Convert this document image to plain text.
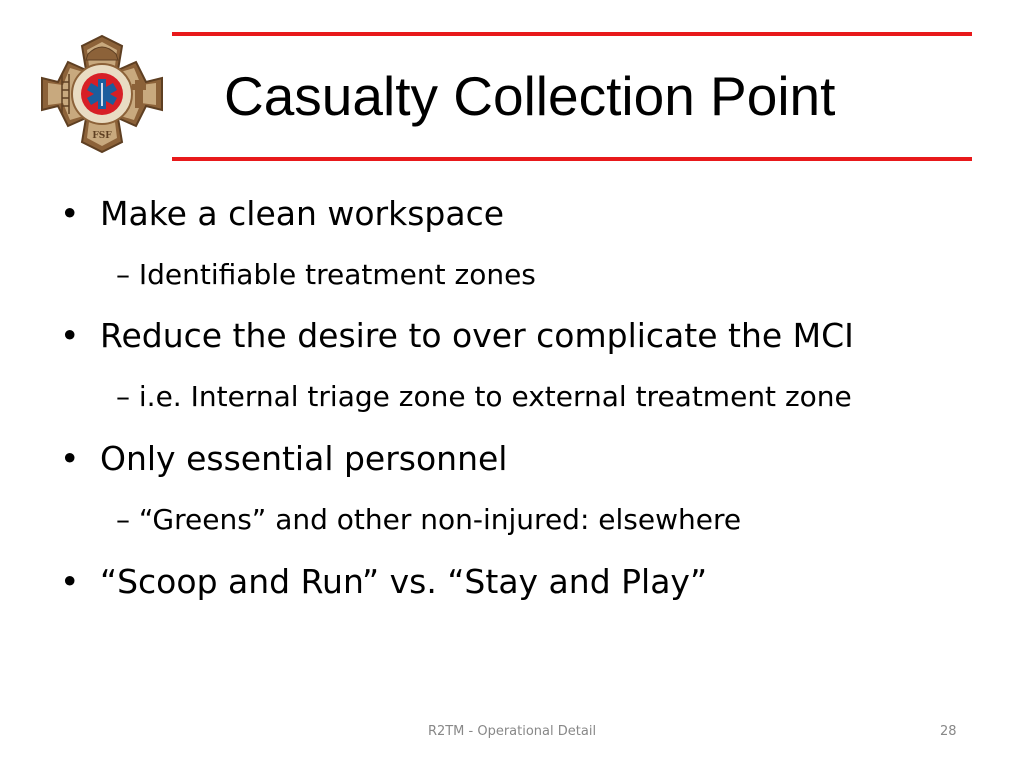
FSF
Casualty Collection Point
• Make a clean workspace
– Identifiable treatment zones
• Reduce the desire to over complicate the MCI
– i.e. Internal triage zone to external treatment zone
• Only essential personnel
– “Greens” and other non-injured: elsewhere
• “Scoop and Run” vs. “Stay and Play”
R2TM - Operational Detail	28
